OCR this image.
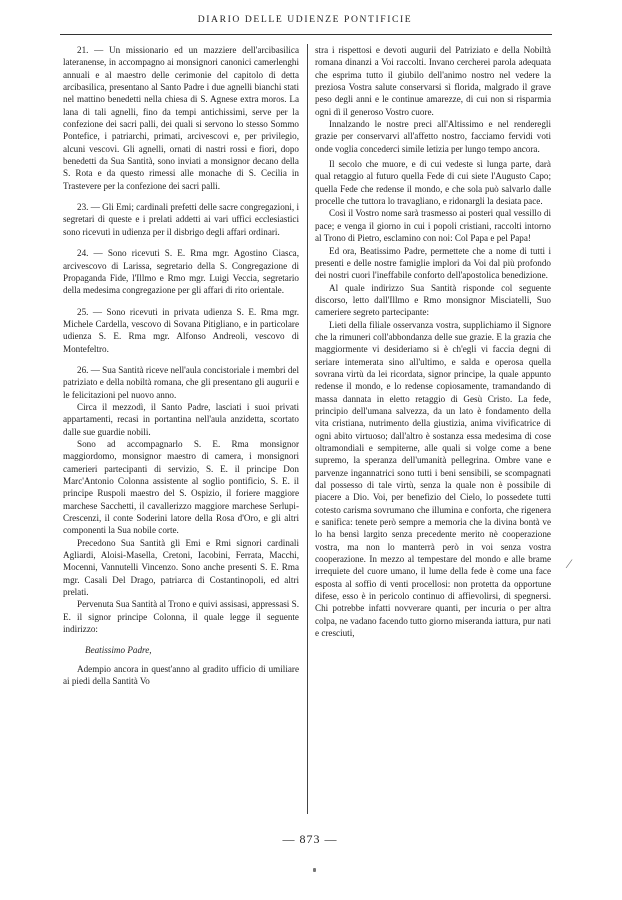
DIARIO DELLE UDIENZE PONTIFICIE

21. — Un missionario ed un mazziere dell'arcibasilica lateranense, in accompagno ai monsignori canonici camerlenghi annuali e al maestro delle cerimonie del capitolo di detta arcibasilica, presentano al Santo Padre i due agnelli bianchi stati nel mattino benedetti nella chiesa di S. Agnese extra moros. La lana di tali agnelli, fino da tempi antichissimi, serve per la confezione dei sacri palli, dei quali si servono lo stesso Sommo Pontefice, i patriarchi, primati, arcivescovi e, per privilegio, alcuni vescovi. Gli agnelli, ornati di nastri rossi e fiori, dopo benedetti da Sua Santità, sono inviati a monsignor decano della S. Rota e da questo rimessi alle monache di S. Cecilia in Trastevere per la confezione dei sacri palli.

23. — Gli Emi; cardinali prefetti delle sacre congregazioni, i segretari di queste e i prelati addetti ai vari uffici ecclesiastici sono ricevuti in udienza per il disbrigo degli affari ordinari.

24. — Sono ricevuti S. E. Rma mgr. Agostino Ciasca, arcivescovo di Larissa, segretario della S. Congregazione di Propaganda Fide, l'Illmo e Rmo mgr. Luigi Veccia, segretario della medesima congregazione per gli affari di rito orientale.

25. — Sono ricevuti in privata udienza S. E. Rma mgr. Michele Cardella, vescovo di Sovana Pitigliano, e in particolare udienza S. E. Rma mgr. Alfonso Andreoli, vescovo di Montefeltro.

26. — Sua Santità riceve nell'aula concistoriale i membri del patriziato e della nobiltà romana, che gli presentano gli augurii e le felicitazioni pel nuovo anno.

Circa il mezzodì, il Santo Padre, lasciati i suoi privati appartamenti, recasi in portantina nell'aula anzidetta, scortato dalle sue guardie nobili.

Sono ad accompagnarlo S. E. Rma monsignor maggiordomo, monsignor maestro di camera, i monsignori camerieri partecipanti di servizio, S. E. il principe Don Marc'Antonio Colonna assistente al soglio pontificio, S. E. il principe Ruspoli maestro del S. Ospizio, il foriere maggiore marchese Sacchetti, il cavallerizzo maggiore marchese Serlupi-Crescenzi, il conte Soderini latore della Rosa d'Oro, e gli altri componenti la Sua nobile corte.

Precedono Sua Santità gli Emi e Rmi signori cardinali Agliardi, Aloisi-Masella, Cretoni, Iacobini, Ferrata, Macchi, Mocenni, Vannutelli Vincenzo. Sono anche presenti S. E. Rma mgr. Casali Del Drago, patriarca di Costantinopoli, ed altri prelati.

Pervenuta Sua Santità al Trono e quivi assisasi, appressasi S. E. il signor principe Colonna, il quale legge il seguente indirizzo:

Beatissimo Padre,

Adempio ancora in quest'anno al gradito ufficio di umiliare ai piedi della Santità Vo

stra i rispettosi e devoti augurii del Patriziato e della Nobiltà romana dinanzi a Voi raccolti. Invano cercherei parola adequata che esprima tutto il giubilo dell'animo nostro nel vedere la preziosa Vostra salute conservarsi sì florida, malgrado il grave peso degli anni e le continue amarezze, di cui non si risparmia ogni dì il generoso Vostro cuore.

Innalzando le nostre preci all'Altissimo e nel renderegli grazie per conservarvi all'affetto nostro, facciamo fervidi voti onde voglia concederci simile letizia per lungo tempo ancora.

Il secolo che muore, e di cui vedeste sì lunga parte, darà qual retaggio al futuro quella Fede di cui siete l'Augusto Capo; quella Fede che redense il mondo, e che sola può salvarlo dalle procelle che tuttora lo travagliano, e ridonargli la desiata pace.

Così il Vostro nome sarà trasmesso ai posteri qual vessillo di pace; e venga il giorno in cui i popoli cristiani, raccolti intorno al Trono di Pietro, esclamino con noi: Col Papa e pel Papa!

Ed ora, Beatissimo Padre, permettete che a nome di tutti i presenti e delle nostre famiglie implori da Voi dal più profondo dei nostri cuori l'ineffabile conforto dell'apostolica benedizione.

Al quale indirizzo Sua Santità risponde col seguente discorso, letto dall'Illmo e Rmo monsignor Misciatelli, Suo cameriere segreto partecipante:

Lieti della filiale osservanza vostra, supplichiamo il Signore che la rimuneri coll'abbondanza delle sue grazie. E la grazia che maggiormente vi desideriamo si è ch'egli vi faccia degni di seriare intemerata sino all'ultimo, e salda e operosa quella sovrana virtù da lei ricordata, signor principe, la quale appunto redense il mondo, e lo redense copiosamente, tramandando di massa dannata in eletto retaggio di Gesù Cristo. La fede, principio dell'umana salvezza, da un lato è fondamento della vita cristiana, nutrimento della giustizia, anima vivificatrice di ogni abito virtuoso; dall'altro è sostanza essa medesima di cose oltramondiali e sempiterne, alle quali si volge come a bene supremo, la speranza dell'umanità pellegrina. Ombre vane e parvenze ingannatrici sono tutti i beni sensibili, se scompagnati dal possesso di tale virtù, senza la quale non è possibile di piacere a Dio. Voi, per benefizio del Cielo, lo possedete tutti cotesto carisma sovrumano che illumina e conforta, che rigenera e sanifica: tenete però sempre a memoria che la divina bontà ve lo ha bensì largito senza precedente merito nè cooperazione vostra, ma non lo manterrà però in voi senza vostra cooperazione. In mezzo al tempestare del mondo e alle brame irrequiete del cuore umano, il lume della fede è come una face esposta al soffio di venti procellosi: non protetta da opportune difese, esso è in pericolo continuo di affievolirsi, di spegnersi. Chi potrebbe infatti novverare quanti, per incuria o per altra colpa, ne vadano facendo tutto giorno miseranda iattura, pur nati e cresciuti,

⁄
— 873 —
